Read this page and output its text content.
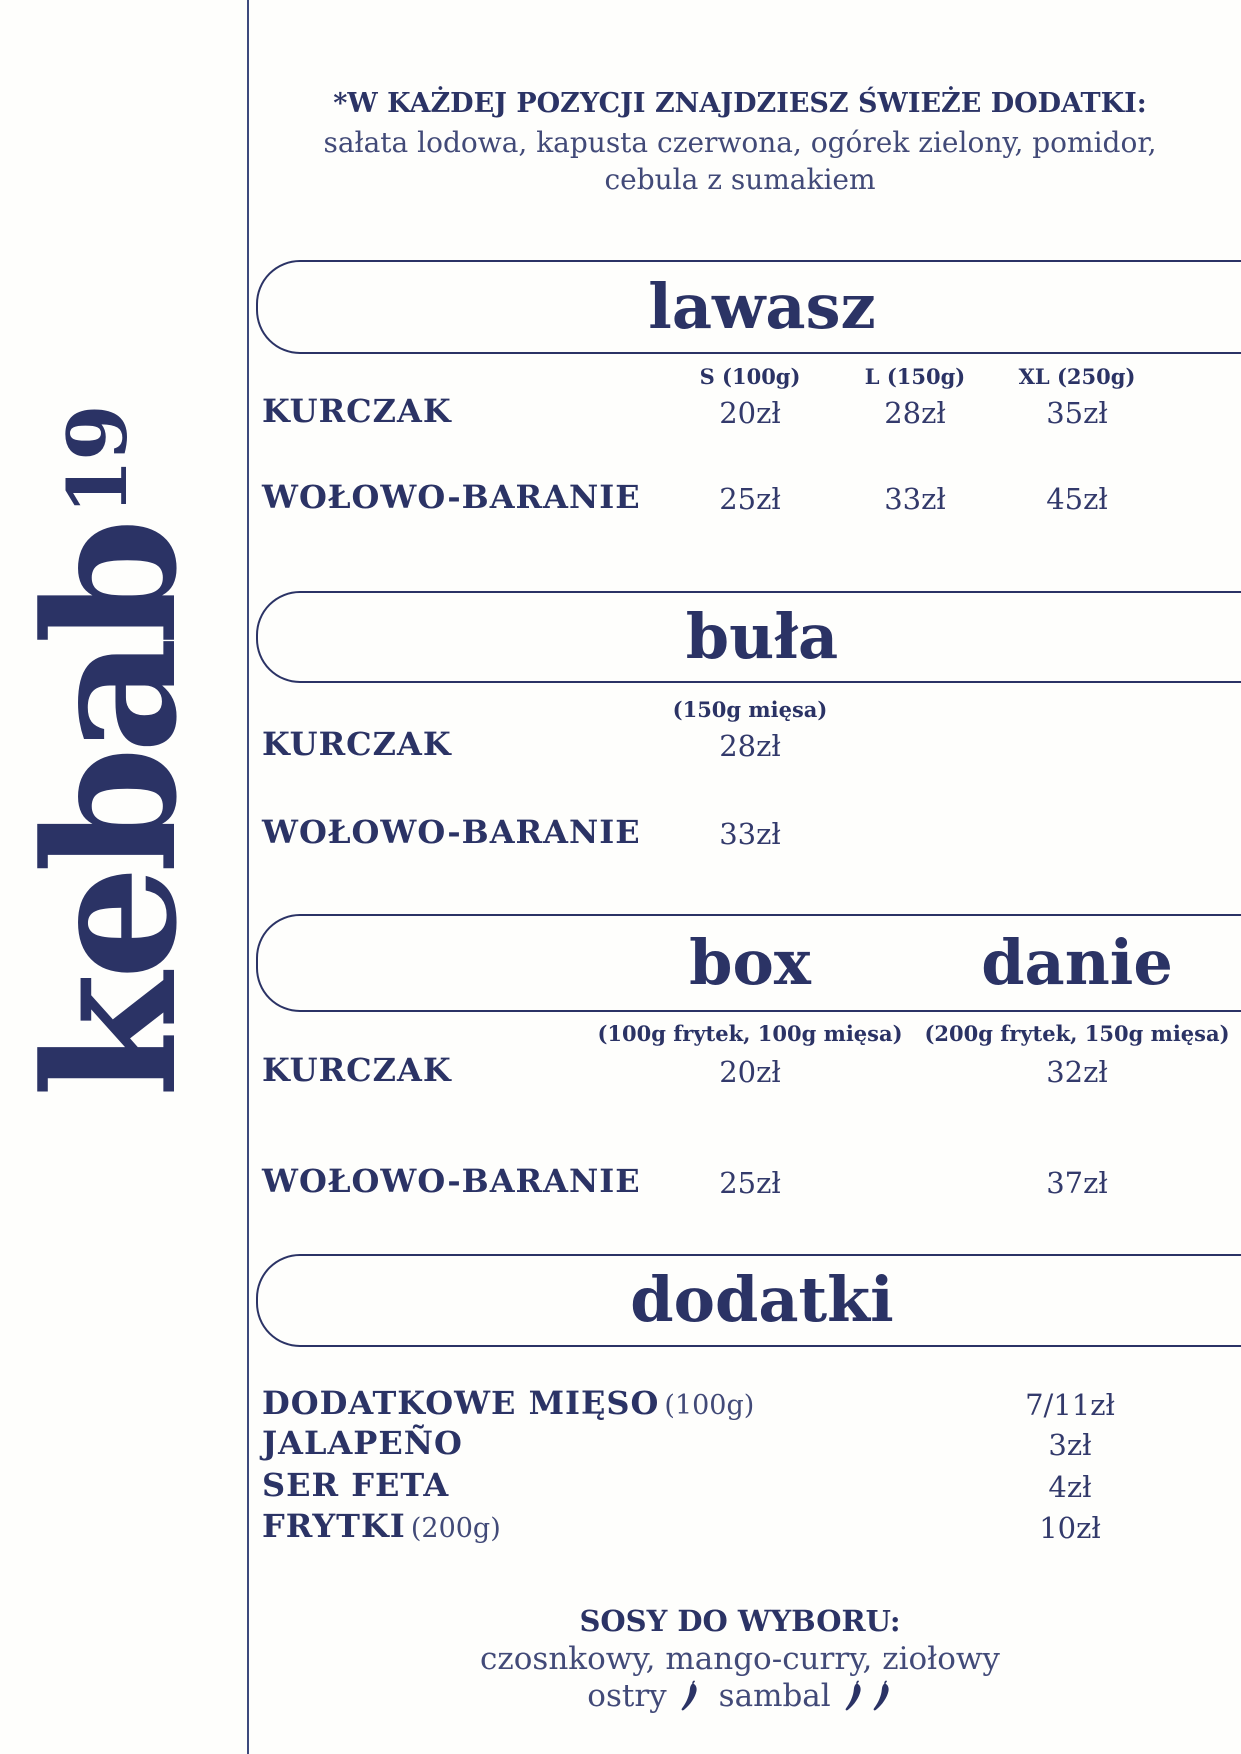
kebab$^{19}$
*W KAŻDEJ POZYCJI ZNAJDZIESZ ŚWIEŻE DODATKI:
sałata lodowa, kapusta czerwona, ogórek zielony, pomidor,
cebula z sumakiem
lawasz
S (100g)	L (150g)	XL (250g)
KURCZAK	20zł	28zł	35zł
WOŁOWO-BARANIE	25zł	33zł	45zł
buła
(150g mięsa)
KURCZAK	28zł
WOŁOWO-BARANIE	33zł
box	danie
(100g frytek, 100g mięsa) (200g frytek, 150g mięsa)
KURCZAK	20zł	32zł
WOŁOWO-BARANIE	25zł	37zł
dodatki
DODATKOWE MIĘSO (100g)	7/11zł
JALAPEÑO	3zł
SER FETA	4zł
FRYTKI (200g)	10zł
SOSY DO WYBORU:
czosnkowy, mango-curry, ziołowy
ostry sambal
